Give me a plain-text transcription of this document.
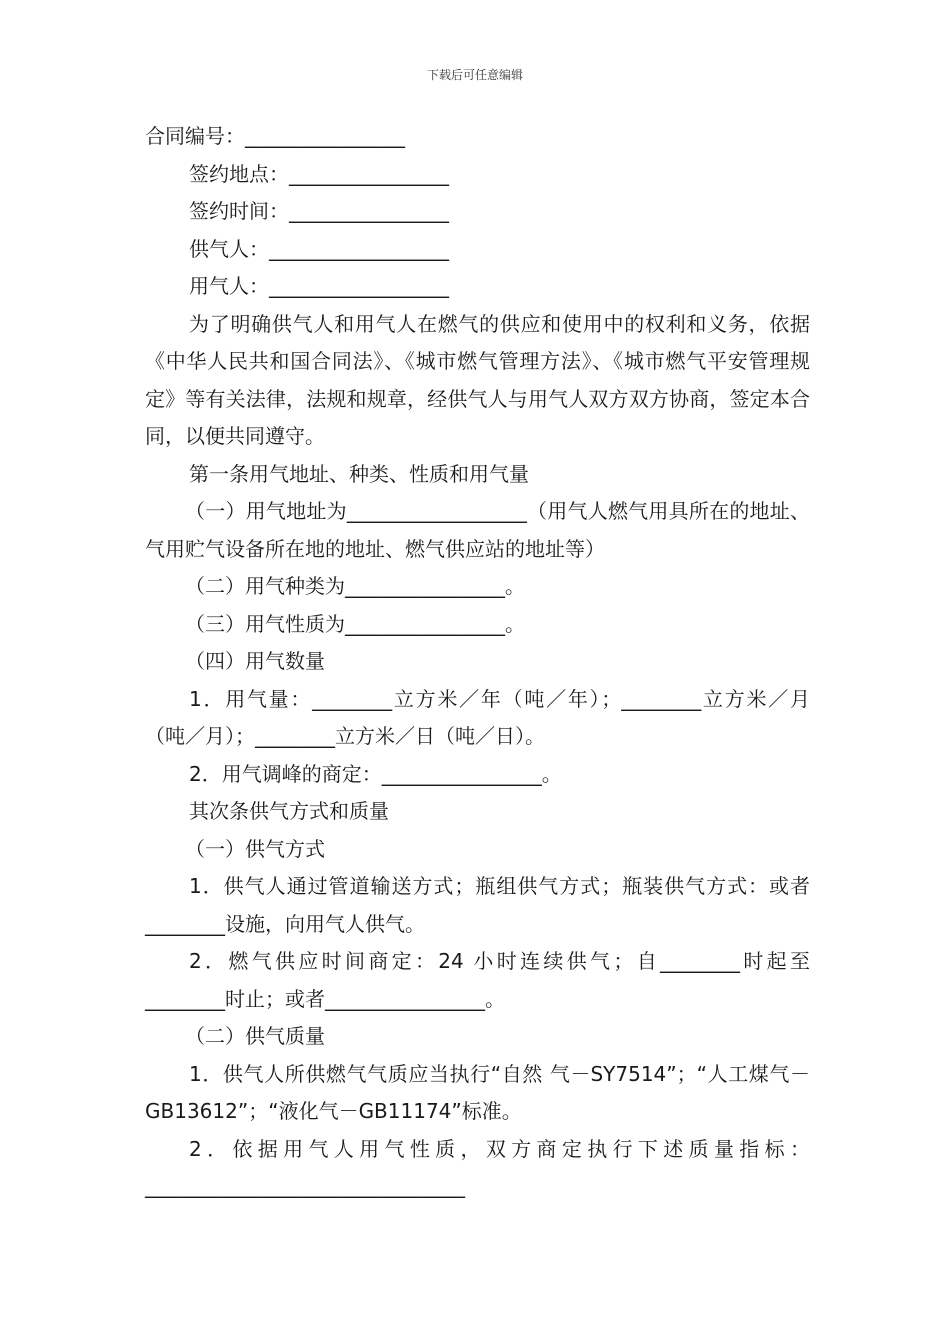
下载后可任意编辑

合同编号：________________

签约地点：________________

签约时间：________________

供气人：__________________

用气人：__________________

为了明确供气人和用气人在燃气的供应和使用中的权利和义务，依据《中华人民共和国合同法》、《城市燃气管理方法》、《城市燃气平安管理规定》等有关法律，法规和规章，经供气人与用气人双方双方协商，签定本合同，以便共同遵守。

第一条用气地址、种类、性质和用气量

（一）用气地址为__________________（用气人燃气用具所在的地址、气用贮气设备所在地的地址、燃气供应站的地址等）

（二）用气种类为________________。

（三）用气性质为________________。

（四）用气数量

1．用气量：________立方米／年（吨／年）；________立方米／月（吨／月）；________立方米／日（吨／日）。

2．用气调峰的商定：________________。

其次条供气方式和质量

（一）供气方式

1．供气人通过管道输送方式；瓶组供气方式；瓶装供气方式：或者________设施，向用气人供气。

2．燃气供应时间商定：24 小时连续供气；自________时起至________时止；或者________________。

（二）供气质量

1．供气人所供燃气气质应当执行“自然 气－SY7514”；“人工煤气－GB13612”；“液化气－GB11174”标准。

2．依据用气人用气性质，双方商定执行下述质量指标：________________________________
